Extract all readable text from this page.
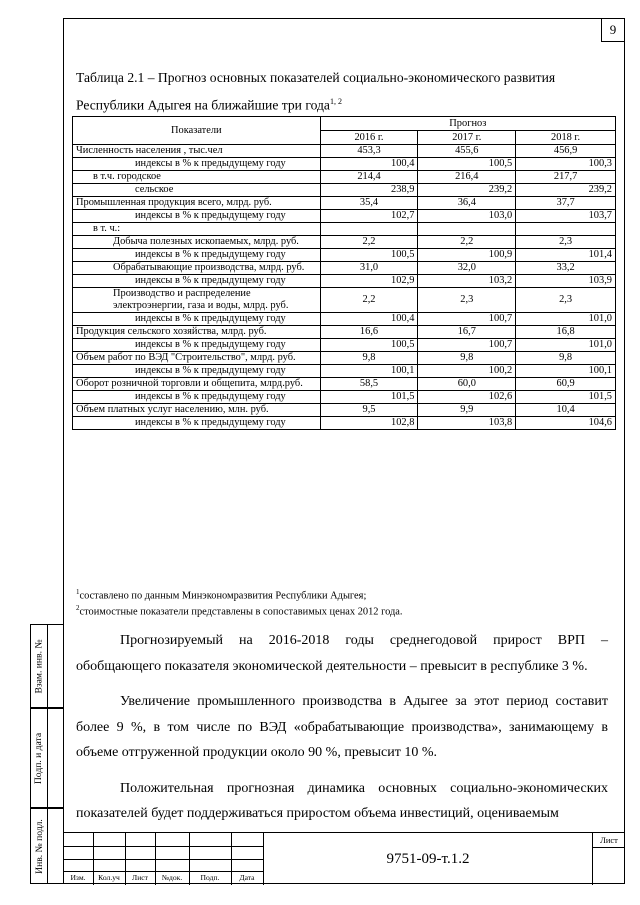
9
Таблица 2.1 – Прогноз основных показателей социально-экономического развития Республики Адыгея на ближайшие три года$^{1, 2}$
Показатели	Прогноз		
	2016 г.	2017 г.	2018 г.
Численность населения , тыс.чел	453,3	455,6	456,9
индексы в % к предыдущему году	100,4	100,5	100,3
в т.ч. городское	214,4	216,4	217,7
сельское	238,9	239,2	239,2
Промышленная продукция всего, млрд. руб.	35,4	36,4	37,7
индексы в % к предыдущему году	102,7	103,0	103,7
в т. ч.:			
Добыча полезных ископаемых, млрд. руб.	2,2	2,2	2,3
индексы в % к предыдущему году	100,5	100,9	101,4
Обрабатывающие производства, млрд. руб.	31,0	32,0	33,2
индексы в % к предыдущему году	102,9	103,2	103,9
Производство и распределение электроэнергии, газа и воды, млрд. руб.	2,2	2,3	2,3
индексы в % к предыдущему году	100,4	100,7	101,0
Продукция сельского хозяйства, млрд. руб.	16,6	16,7	16,8
индексы в % к предыдущему году	100,5	100,7	101,0
Объем работ по ВЭД "Строительство", млрд. руб.	9,8	9,8	9,8
индексы в % к предыдущему году	100,1	100,2	100,1
Оборот розничной торговли и общепита, млрд.руб.	58,5	60,0	60,9
индексы в % к предыдущему году	101,5	102,6	101,5
Объем платных услуг населению, млн. руб.	9,5	9,9	10,4
индексы в % к предыдущему году	102,8	103,8	104,6
$^1$составлено по данным Минэкономразвития Республики Адыгея;
$^2$стоимостные показатели представлены в сопоставимых ценах 2012 года.

Прогнозируемый на 2016-2018 годы среднегодовой прирост ВРП – обобщающего показателя экономической деятельности – превысит в республике 3 %.

Увеличение промышленного производства в Адыгее за этот период составит более 9 %, в том числе по ВЭД «обрабатывающие производства», занимающему в объеме отгруженной продукции около 90 %, превысит 10 %.

Положительная прогнозная динамика основных социально-экономических показателей будет поддерживаться приростом объема инвестиций, оцениваемым

Взам. инв. №
Подп. и дата
Инв. № подл.
Изм.	Кол.уч	Лист	№док.	Подп.	Дата
9751-09-т.1.2
Лист
